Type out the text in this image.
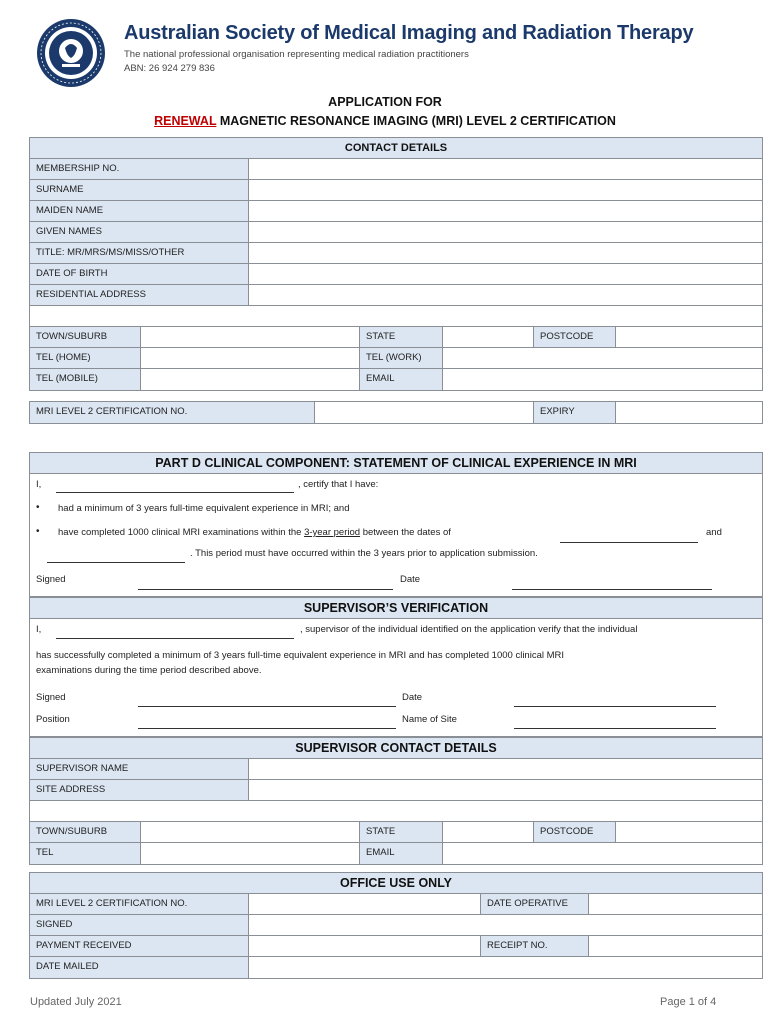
Australian Society of Medical Imaging and Radiation Therapy
The national professional organisation representing medical radiation practitioners
ABN: 26 924 279 836
APPLICATION FOR
RENEWAL MAGNETIC RESONANCE IMAGING (MRI) LEVEL 2 CERTIFICATION
CONTACT DETAILS
MEMBERSHIP NO.
SURNAME
MAIDEN NAME
GIVEN NAMES
TITLE: MR/MRS/MS/MISS/OTHER
DATE OF BIRTH
RESIDENTIAL ADDRESS
TOWN/SUBURB	STATE	POSTCODE
TEL (HOME)	TEL (WORK)
TEL (MOBILE)	EMAIL
MRI LEVEL 2 CERTIFICATION NO.	EXPIRY
PART D CLINICAL COMPONENT: STATEMENT OF CLINICAL EXPERIENCE IN MRI
I,	, certify that I have:
• had a minimum of 3 years full-time equivalent experience in MRI; and
• have completed 1000 clinical MRI examinations within the 3-year period between the dates of	and
. This period must have occurred within the 3 years prior to application submission.
Signed	Date
SUPERVISOR’S VERIFICATION
I,	, supervisor of the individual identified on the application verify that the individual
has successfully completed a minimum of 3 years full-time equivalent experience in MRI and has completed 1000 clinical MRI
examinations during the time period described above.
Signed	Date
Position	Name of Site
SUPERVISOR CONTACT DETAILS
SUPERVISOR NAME
SITE ADDRESS
TOWN/SUBURB	STATE	POSTCODE
TEL	EMAIL
OFFICE USE ONLY
MRI LEVEL 2 CERTIFICATION NO.	DATE OPERATIVE
SIGNED
PAYMENT RECEIVED	RECEIPT NO.
DATE MAILED
Updated July 2021	Page 1 of 4
